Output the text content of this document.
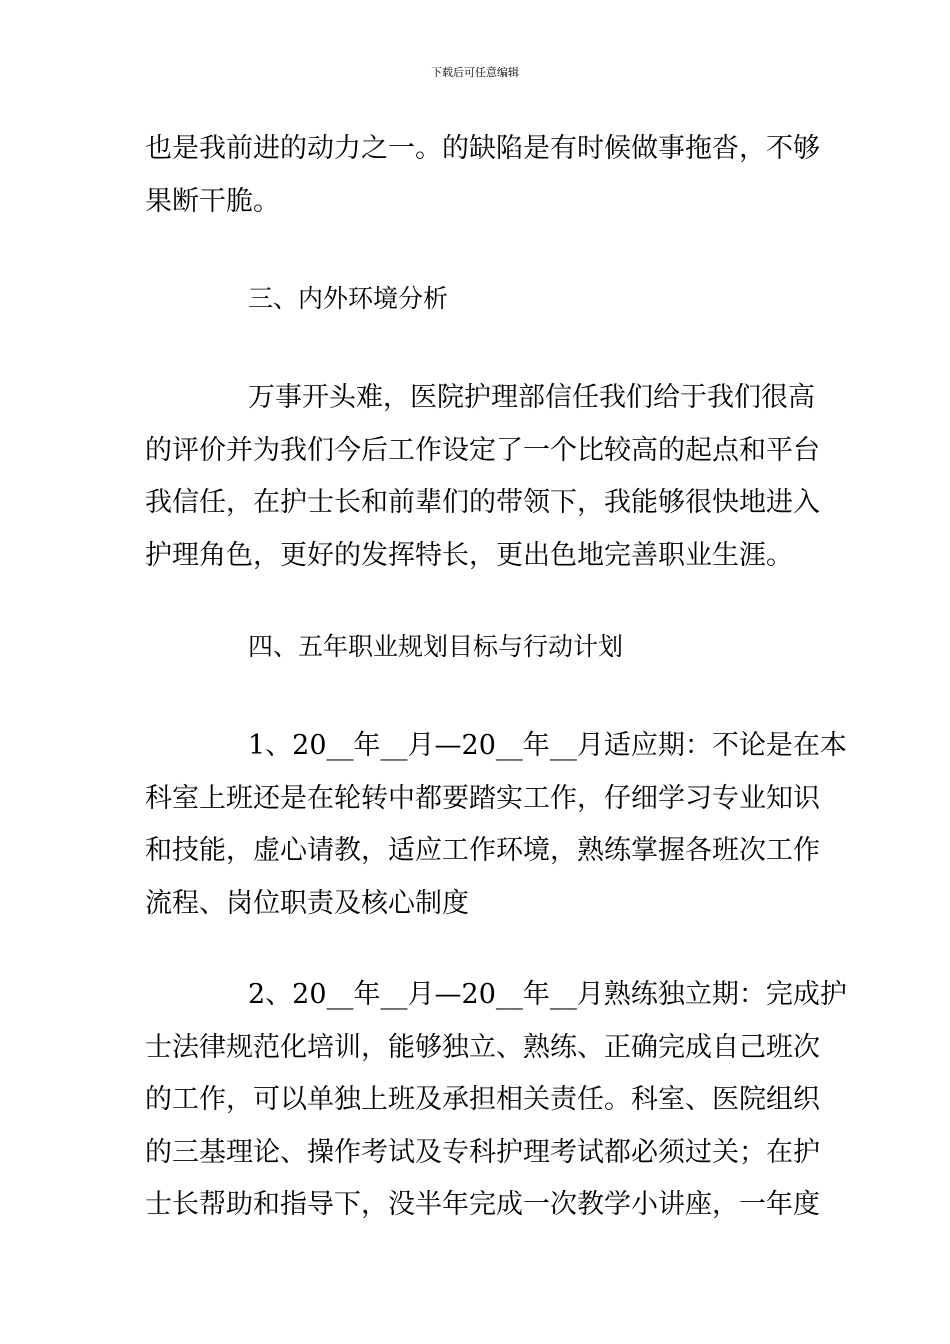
下载后可任意编辑
也是我前进的动力之一。的缺陷是有时候做事拖沓，不够
果断干脆。
三、内外环境分析
万事开头难，医院护理部信任我们给于我们很高
的评价并为我们今后工作设定了一个比较高的起点和平台
我信任，在护士长和前辈们的带领下，我能够很快地进入
护理角色，更好的发挥特长，更出色地完善职业生涯。
四、五年职业规划目标与行动计划
1、20__年__月—20__年__月适应期：不论是在本
科室上班还是在轮转中都要踏实工作，仔细学习专业知识
和技能，虚心请教，适应工作环境，熟练掌握各班次工作
流程、岗位职责及核心制度
2、20__年__月—20__年__月熟练独立期：完成护
士法律规范化培训，能够独立、熟练、正确完成自己班次
的工作，可以单独上班及承担相关责任。科室、医院组织
的三基理论、操作考试及专科护理考试都必须过关；在护
士长帮助和指导下，没半年完成一次教学小讲座，一年度
